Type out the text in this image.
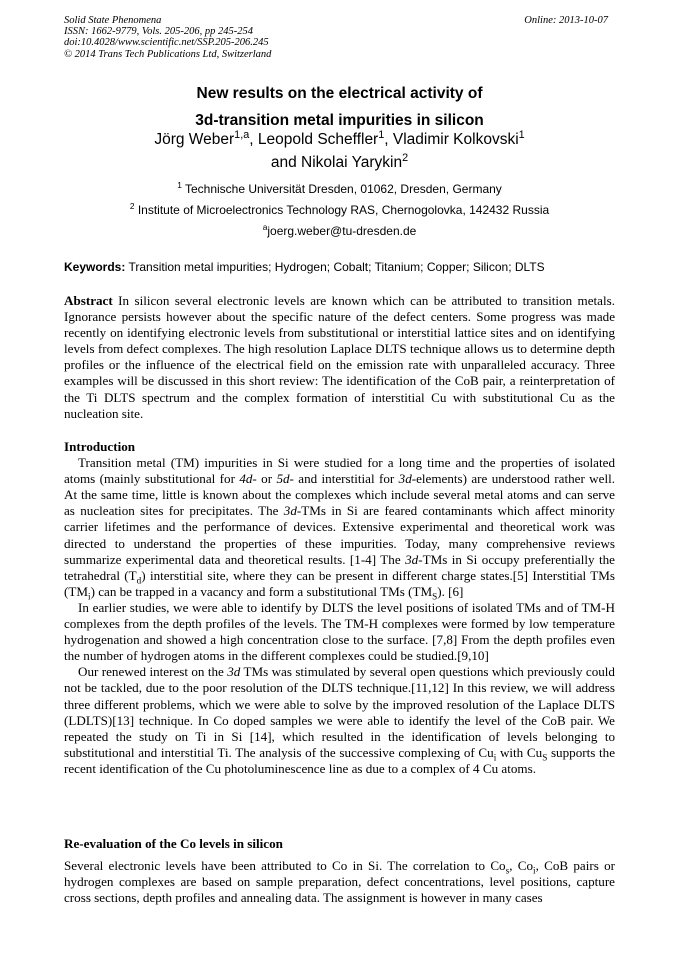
Solid State Phenomena
ISSN: 1662-9779, Vols. 205-206, pp 245-254
doi:10.4028/www.scientific.net/SSP.205-206.245
© 2014 Trans Tech Publications Ltd, Switzerland
Online: 2013-10-07
New results on the electrical activity of
3d-transition metal impurities in silicon
Jörg Weber$^{1,a}$, Leopold Scheffler$^1$, Vladimir Kolkovski$^1$
and Nikolai Yarykin$^2$
$^1$ Technische Universität Dresden, 01062, Dresden, Germany
$^2$ Institute of Microelectronics Technology RAS, Chernogolovka, 142432 Russia
$^a$joerg.weber@tu-dresden.de
Keywords: Transition metal impurities; Hydrogen; Cobalt; Titanium; Copper; Silicon; DLTS

Abstract In silicon several electronic levels are known which can be attributed to transition metals. Ignorance persists however about the specific nature of the defect centers. Some progress was made recently on identifying electronic levels from substitutional or interstitial lattice sites and on identifying levels from defect complexes. The high resolution Laplace DLTS technique allows us to determine depth profiles or the influence of the electrical field on the emission rate with unparalleled accuracy. Three examples will be discussed in this short review: The identification of the CoB pair, a reinterpretation of the Ti DLTS spectrum and the complex formation of interstitial Cu with substitutional Cu as the nucleation site.

Introduction

Transition metal (TM) impurities in Si were studied for a long time and the properties of isolated atoms (mainly substitutional for 4d- or 5d- and interstitial for 3d-elements) are understood rather well. At the same time, little is known about the complexes which include several metal atoms and can serve as nucleation sites for precipitates. The 3d-TMs in Si are feared contaminants which affect minority carrier lifetimes and the performance of devices. Extensive experimental and theoretical work was directed to understand the properties of these impurities. Today, many comprehensive reviews summarize experimental data and theoretical results. [1-4] The 3d-TMs in Si occupy preferentially the tetrahedral $(T_d)$ interstitial site, where they can be present in different charge states.[5] Interstitial TMs $(TM_i)$ can be trapped in a vacancy and form a substitutional TMs $(TM_S)$. [6]

In earlier studies, we were able to identify by DLTS the level positions of isolated TMs and of TM-H complexes from the depth profiles of the levels. The TM-H complexes were formed by low temperature hydrogenation and showed a high concentration close to the surface. [7,8] From the depth profiles even the number of hydrogen atoms in the different complexes could be studied.[9,10]

Our renewed interest on the 3d TMs was stimulated by several open questions which previously could not be tackled, due to the poor resolution of the DLTS technique.[11,12] In this review, we will address three different problems, which we were able to solve by the improved resolution of the Laplace DLTS (LDLTS)[13] technique. In Co doped samples we were able to identify the level of the CoB pair. We repeated the study on Ti in Si [14], which resulted in the identification of levels belonging to substitutional and interstitial Ti. The analysis of the successive complexing of $Cu_i$ with $Cu_S$ supports the recent identification of the Cu photoluminescence line as due to a complex of 4 Cu atoms.

Re-evaluation of the Co levels in silicon

Several electronic levels have been attributed to Co in Si. The correlation to $Co_s$, $Co_i$, CoB pairs or hydrogen complexes are based on sample preparation, defect concentrations, level positions, capture cross sections, depth profiles and annealing data. The assignment is however in many cases
